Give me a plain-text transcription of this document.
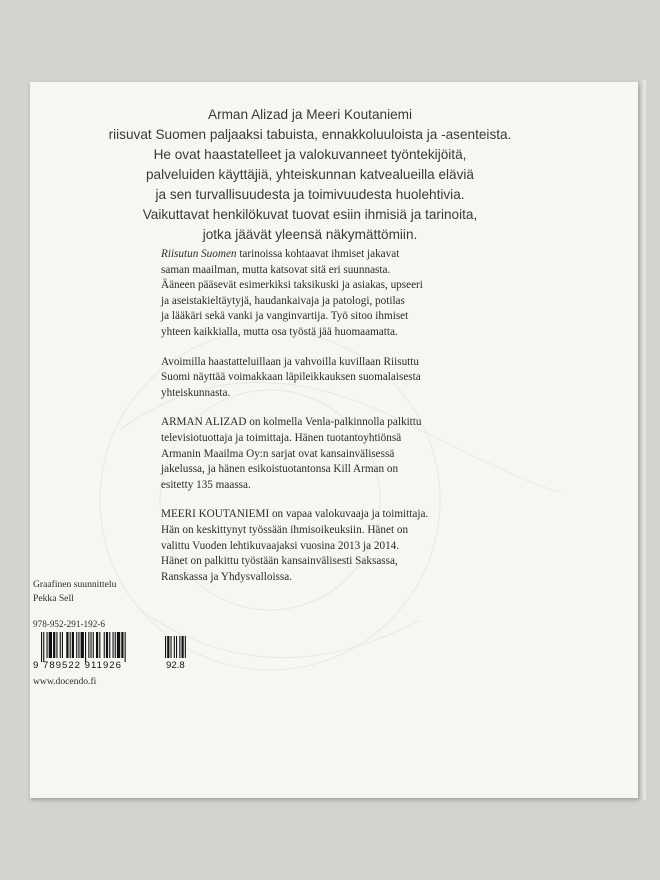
Arman Alizad ja Meeri Koutaniemi
riisuvat Suomen paljaaksi tabuista, ennakkoluuloista ja -asenteista.
He ovat haastatelleet ja valokuvanneet työntekijöitä,
palveluiden käyttäjiä, yhteiskunnan katvealueilla eläviä
ja sen turvallisuudesta ja toimivuudesta huolehtivia.
Vaikuttavat henkilökuvat tuovat esiin ihmisiä ja tarinoita,
jotka jäävät yleensä näkymättömiin.

Riisutun Suomen tarinoissa kohtaavat ihmiset jakavat
saman maailman, mutta katsovat sitä eri suunnasta.
Ääneen pääsevät esimerkiksi taksikuski ja asiakas, upseeri
ja aseistakieltäytyjä, haudankaivaja ja patologi, potilas
ja lääkäri sekä vanki ja vanginvartija. Työ sitoo ihmiset
yhteen kaikkialla, mutta osa työstä jää huomaamatta.

Avoimilla haastatteluillaan ja vahvoilla kuvillaan Riisuttu
Suomi näyttää voimakkaan läpileikkauksen suomalaisesta
yhteiskunnasta.

ARMAN ALIZAD on kolmella Venla-palkinnolla palkittu
televisiotuottaja ja toimittaja. Hänen tuotantoyhtiönsä
Armanin Maailma Oy:n sarjat ovat kansainvälisessä
jakelussa, ja hänen esikoistuotantonsa Kill Arman on
esitetty 135 maassa.

MEERI KOUTANIEMI on vapaa valokuvaaja ja toimittaja.
Hän on keskittynyt työssään ihmisoikeuksiin. Hänet on
valittu Vuoden lehtikuvaajaksi vuosina 2013 ja 2014.
Hänet on palkittu työstään kansainvälisesti Saksassa,
Ranskassa ja Yhdysvalloissa.

Graafinen suunnittelu
Pekka Sell
978-952-291-192-6
9 789522 911926	92.8
www.docendo.fi
